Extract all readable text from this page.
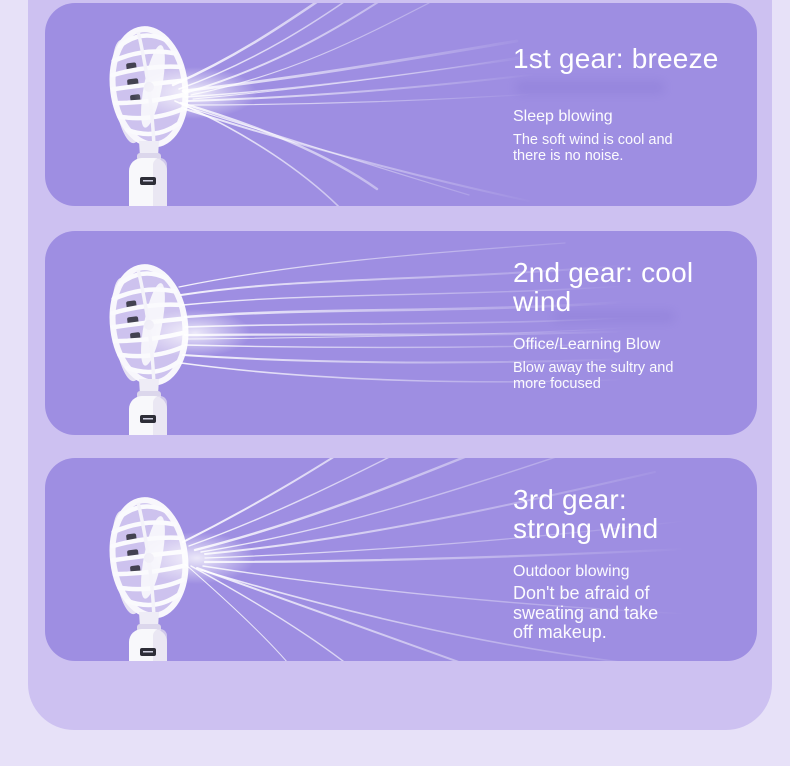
1st gear: breeze
Sleep blowing
The soft wind is cool and
there is no noise.
2nd gear: cool
wind
Office/Learning Blow
Blow away the sultry and
more focused
3rd gear:
strong wind
Outdoor blowing
Don't be afraid of
sweating and take
off makeup.
